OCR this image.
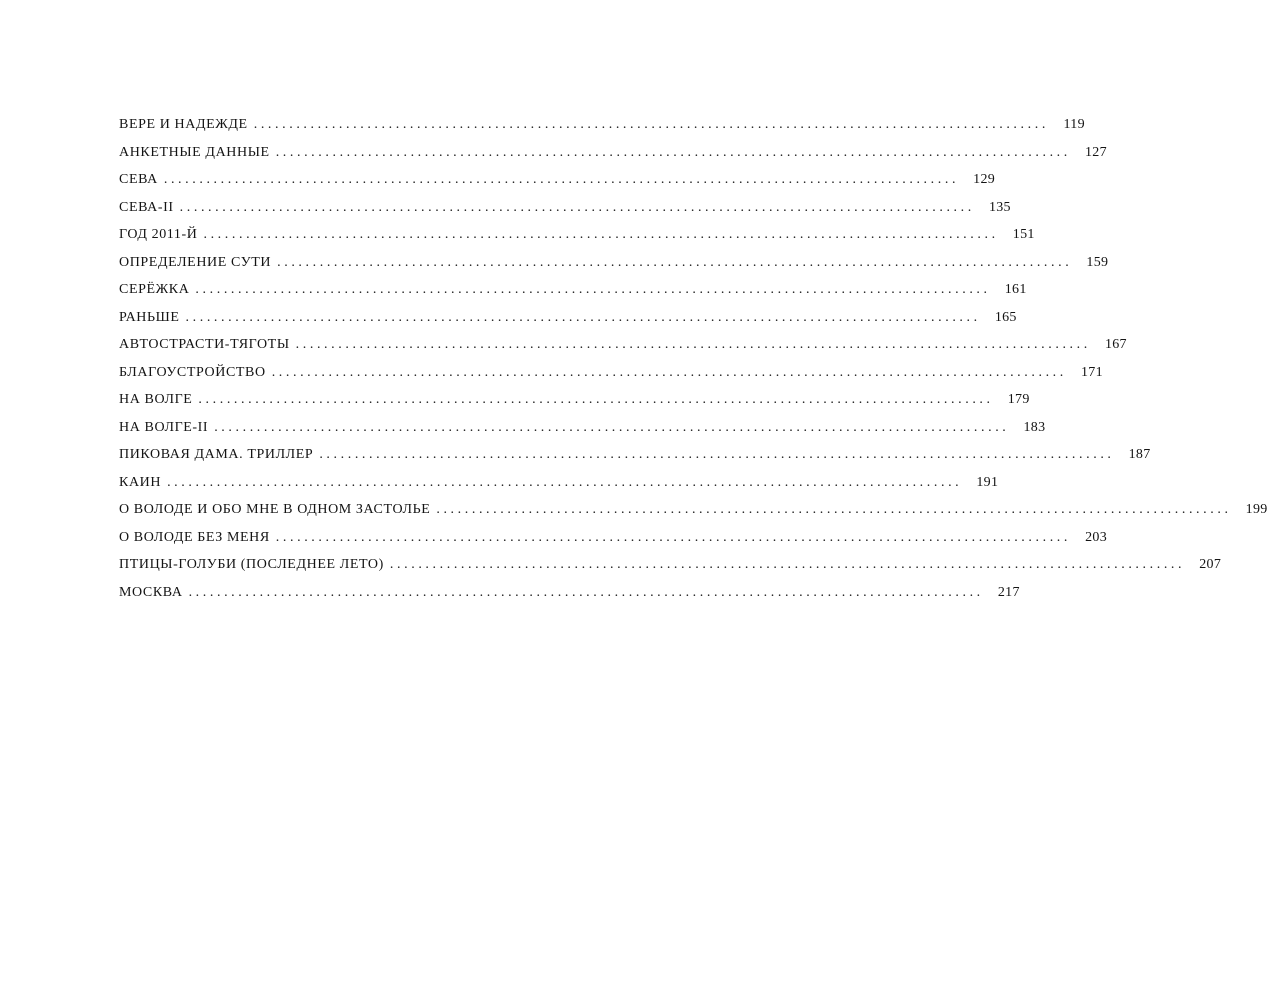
ВЕРЕ И НАДЕЖДЕ ................................................................................................................	119
АНКЕТНЫЕ ДАННЫЕ ................................................................................................................	127
СЕВА ................................................................................................................	129
СЕВА-II ................................................................................................................	135
ГОД 2011-Й ................................................................................................................	151
ОПРЕДЕЛЕНИЕ СУТИ ................................................................................................................	159
СЕРЁЖКА ................................................................................................................	161
РАНЬШЕ ................................................................................................................	165
АВТОСТРАСТИ-ТЯГОТЫ ................................................................................................................	167
БЛАГОУСТРОЙСТВО ................................................................................................................	171
НА ВОЛГЕ ................................................................................................................	179
НА ВОЛГЕ-II ................................................................................................................	183
ПИКОВАЯ ДАМА. ТРИЛЛЕР ................................................................................................................	187
КАИН ................................................................................................................	191
О ВОЛОДЕ И ОБО МНЕ В ОДНОМ ЗАСТОЛЬЕ ................................................................................................................	199
О ВОЛОДЕ БЕЗ МЕНЯ ................................................................................................................	203
ПТИЦЫ-ГОЛУБИ (ПОСЛЕДНЕЕ ЛЕТО) ................................................................................................................	207
МОСКВА ................................................................................................................	217
